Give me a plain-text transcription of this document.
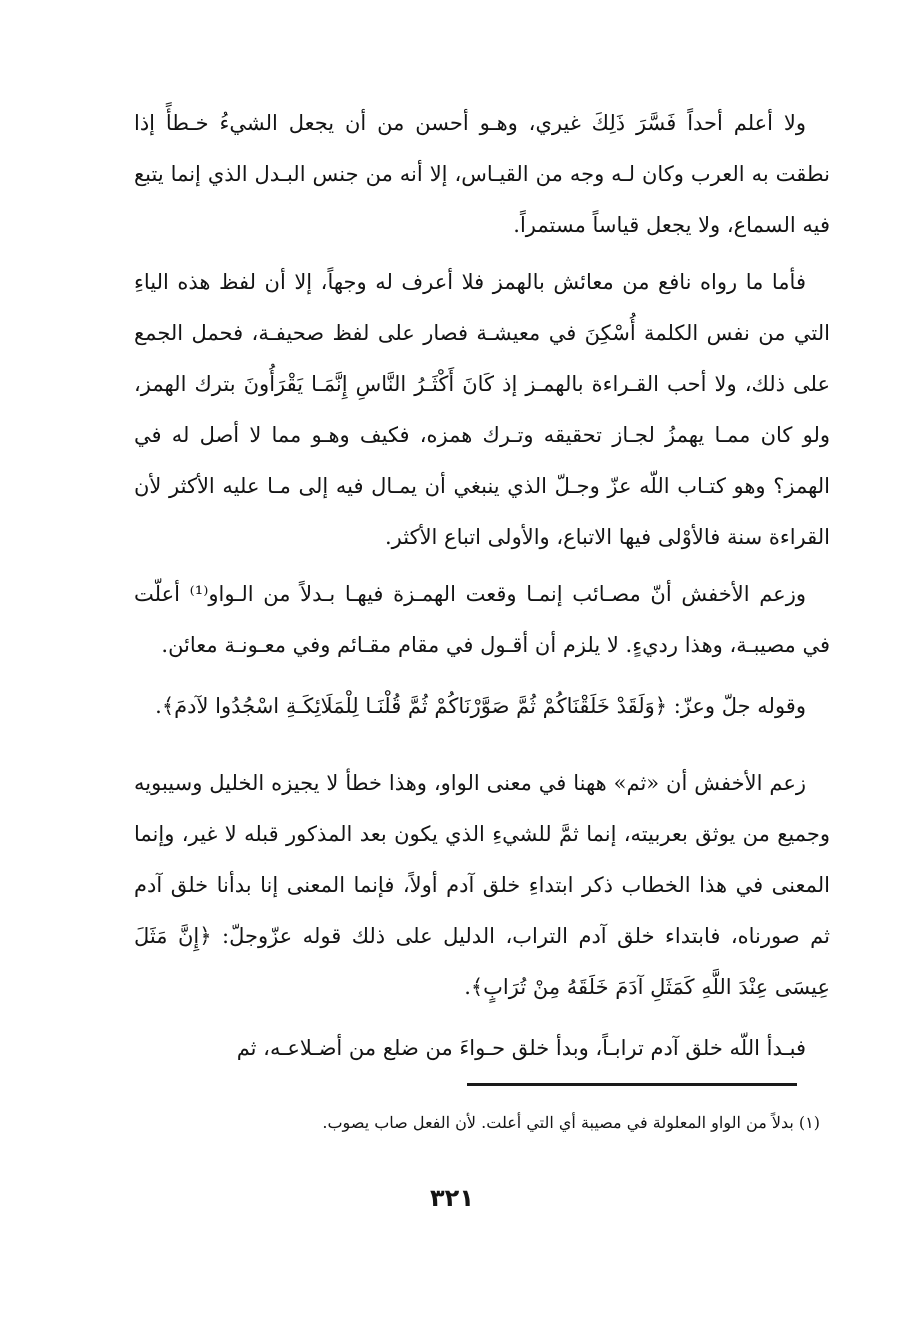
ولا أعلم أحداً فَسَّرَ ذَلِكَ غيري، وهـو أحسن من أن يجعل الشيءُ خـطأً إذا نطقت به العرب وكان لـه وجه من القيـاس، إلا أنه من جنس البـدل الذي إنما يتبع فيه السماع، ولا يجعل قياساً مستمراً.

فأما ما رواه نافع من معائش بالهمز فلا أعرف له وجهاً، إلا أن لفظ هذه الياءِ التي من نفس الكلمة أُسْكِنَ في معيشـة فصار على لفظ صحيفـة، فحمل الجمع على ذلك، ولا أحب القـراءة بالهمـز إذ كَانَ أَكْثَـرُ النَّاسِ إِنَّمَـا يَقْرَأُونَ بترك الهمز، ولو كان ممـا يهمزُ لجـاز تحقيقه وتـرك همزه، فكيف وهـو مما لا أصل له في الهمز؟ وهو كتـاب اللّه عزّ وجـلّ الذي ينبغي أن يمـال فيه إلى مـا عليه الأكثر لأن القراءة سنة فالأوْلى فيها الاتباع، والأولى اتباع الأكثر.

وزعم الأخفش أنّ مصـائب إنمـا وقعت الهمـزة فيهـا بـدلاً من الـواو⁽¹⁾ أعلّت في مصيبـة، وهذا رديءٍ. لا يلزم أن أقـول في مقام مقـائم وفي معـونـة معائن.

وقوله جلّ وعزّ: ﴿وَلَقَدْ خَلَقْنَاكُمْ ثُمَّ صَوَّرْنَاكُمْ ثُمَّ قُلْنَـا لِلْمَلَائِكَـةِ اسْجُدُوا لآدمَ﴾.

زعم الأخفش أن «ثم» ههنا في معنى الواو، وهذا خطأ لا يجيزه الخليل وسيبويه وجميع من يوثق بعربيته، إنما ثمَّ للشيءِ الذي يكون بعد المذكور قبله لا غير، وإنما المعنى في هذا الخطاب ذكر ابتداءِ خلق آدم أولاً، فإنما المعنى إنا بدأنا خلق آدم ثم صورناه، فابتداء خلق آدم التراب، الدليل على ذلك قوله عزّوجلّ: ﴿إِنَّ مَثَلَ عِيسَى عِنْدَ اللَّهِ كَمَثَلِ آدَمَ خَلَقَهُ مِنْ تُرَابٍ﴾.

فبـدأ اللّه خلق آدم ترابـاً، وبدأ خلق حـواءَ من ضلع من أضـلاعـه، ثم

(١) بدلاً من الواو المعلولة في مصيبة أي التي أعلت. لأن الفعل صاب يصوب.
٣٢١
